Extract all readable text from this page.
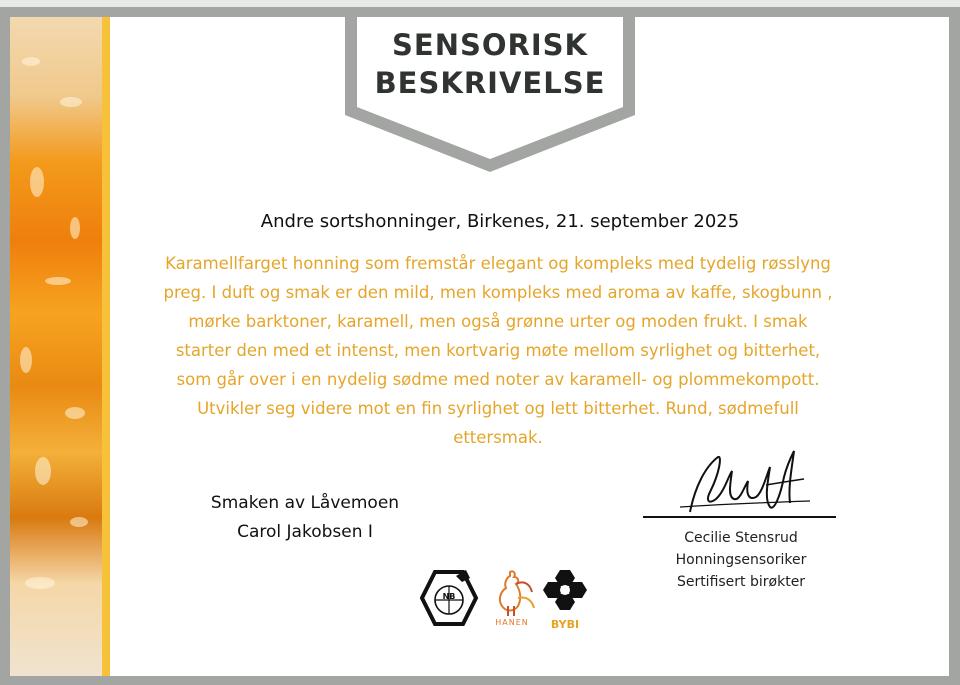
SENSORISK BESKRIVELSE
Andre sortshonninger, Birkenes, 21. september 2025
Karamellfarget honning som fremstår elegant og kompleks med tydelig røsslyng preg. I duft og smak er den mild, men kompleks med aroma av kaffe, skogbunn , mørke barktoner, karamell, men også grønne urter og moden frukt. I smak starter den med et intenst, men kortvarig møte mellom syrlighet og bitterhet, som går over i en nydelig sødme med noter av karamell- og plommekompott. Utvikler seg videre mot en fin syrlighet og lett bitterhet. Rund, sødmefull ettersmak.
Smaken av Låvemoen
Carol Jakobsen I	Cecilie Stensrud
Honningsensoriker
Sertifisert birøkter
NB
HANEN	BYBI
